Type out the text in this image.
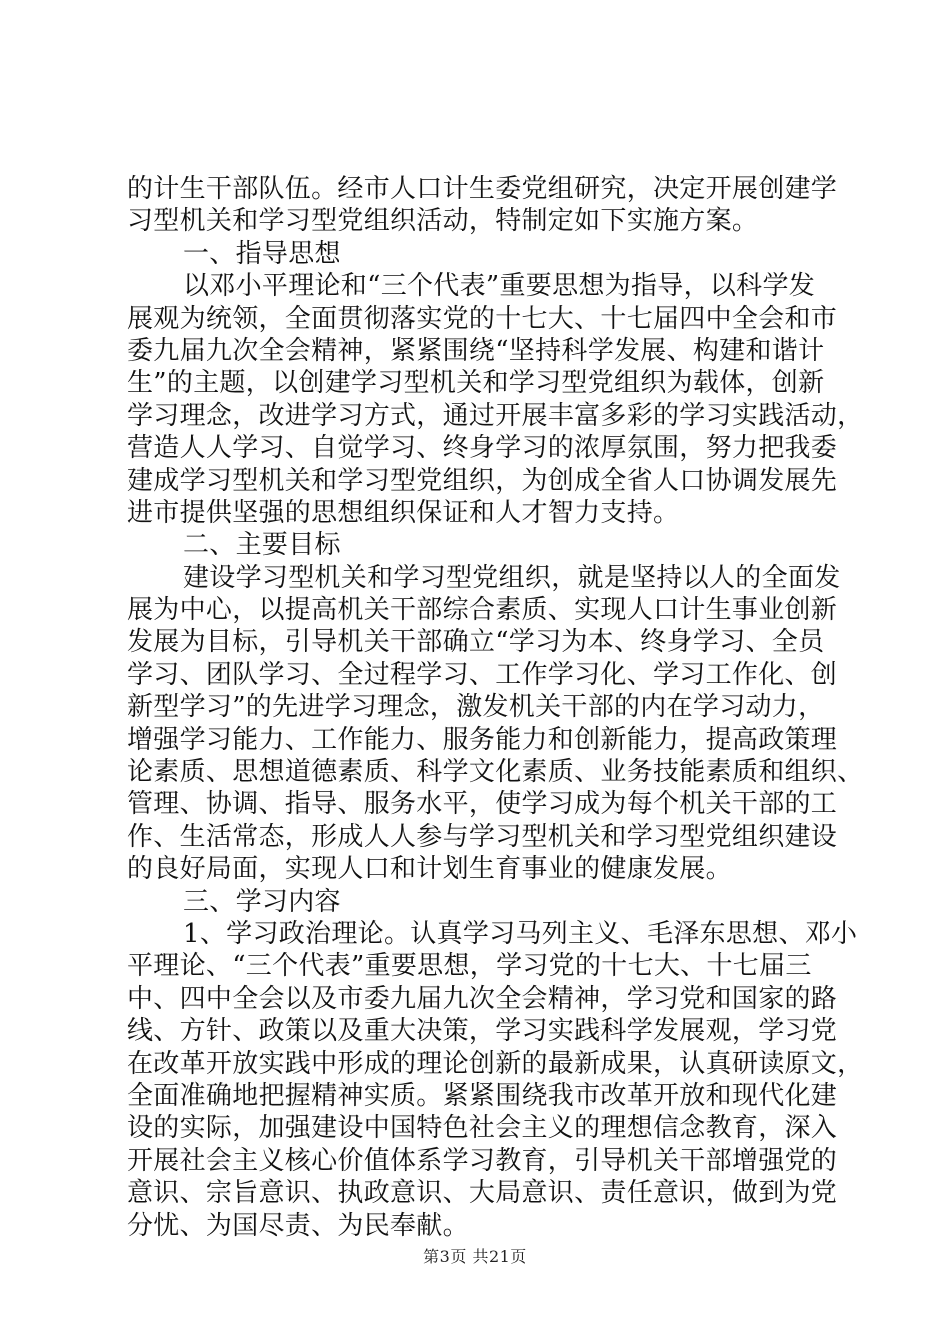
的计生干部队伍。经市人口计生委党组研究，决定开展创建学
习型机关和学习型党组织活动，特制定如下实施方案。
一、指导思想
以邓小平理论和“三个代表”重要思想为指导，以科学发
展观为统领，全面贯彻落实党的十七大、十七届四中全会和市
委九届九次全会精神，紧紧围绕“坚持科学发展、构建和谐计
生”的主题，以创建学习型机关和学习型党组织为载体，创新
学习理念，改进学习方式，通过开展丰富多彩的学习实践活动，
营造人人学习、自觉学习、终身学习的浓厚氛围，努力把我委
建成学习型机关和学习型党组织，为创成全省人口协调发展先
进市提供坚强的思想组织保证和人才智力支持。
二、主要目标
建设学习型机关和学习型党组织，就是坚持以人的全面发
展为中心，以提高机关干部综合素质、实现人口计生事业创新
发展为目标，引导机关干部确立“学习为本、终身学习、全员
学习、团队学习、全过程学习、工作学习化、学习工作化、创
新型学习”的先进学习理念，激发机关干部的内在学习动力，
增强学习能力、工作能力、服务能力和创新能力，提高政策理
论素质、思想道德素质、科学文化素质、业务技能素质和组织、
管理、协调、指导、服务水平，使学习成为每个机关干部的工
作、生活常态，形成人人参与学习型机关和学习型党组织建设
的良好局面，实现人口和计划生育事业的健康发展。
三、学习内容
1、学习政治理论。认真学习马列主义、毛泽东思想、邓小
平理论、“三个代表”重要思想，学习党的十七大、十七届三
中、四中全会以及市委九届九次全会精神，学习党和国家的路
线、方针、政策以及重大决策，学习实践科学发展观，学习党
在改革开放实践中形成的理论创新的最新成果，认真研读原文，
全面准确地把握精神实质。紧紧围绕我市改革开放和现代化建
设的实际，加强建设中国特色社会主义的理想信念教育，深入
开展社会主义核心价值体系学习教育，引导机关干部增强党的
意识、宗旨意识、执政意识、大局意识、责任意识，做到为党
分忧、为国尽责、为民奉献。
第3页 共21页
